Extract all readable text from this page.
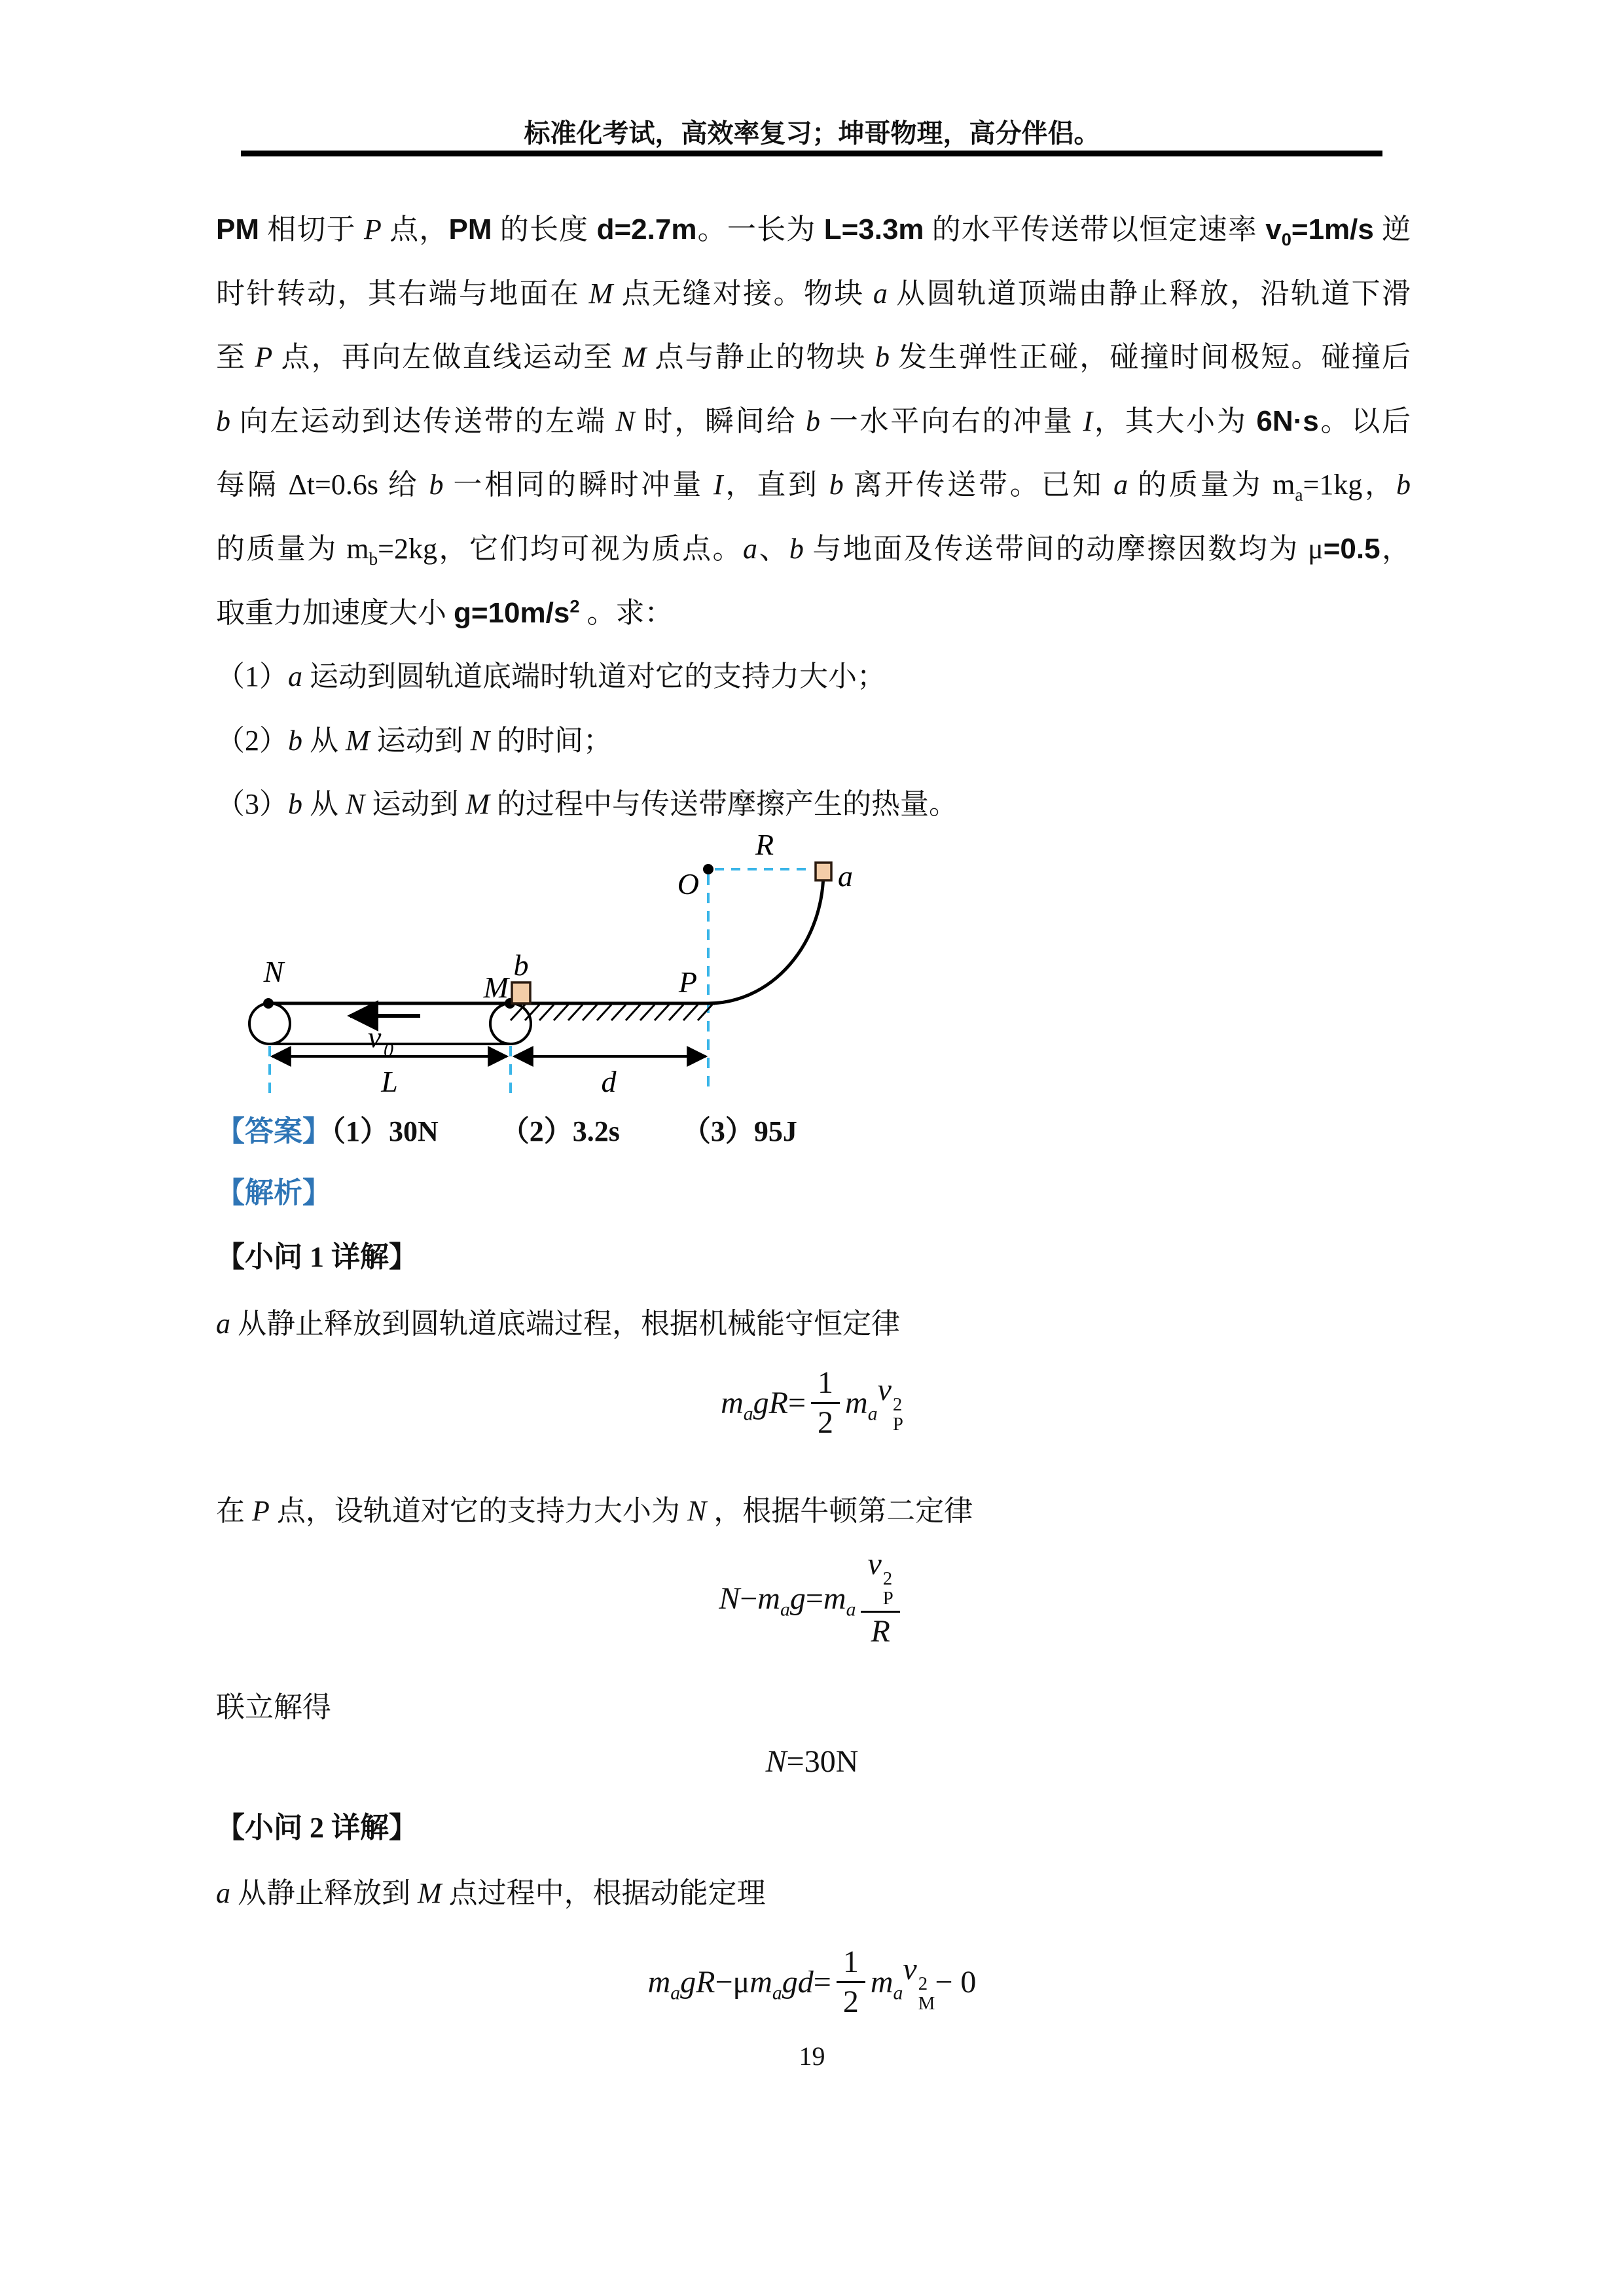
标准化考试，高效率复习；坤哥物理，高分伴侣。
PM 相切于 P 点，PM 的长度 d=2.7m。一长为 L=3.3m 的水平传送带以恒定速率 $v_0=1m/s$ 逆
时针转动，其右端与地面在 M 点无缝对接。物块 a 从圆轨道顶端由静止释放，沿轨道下滑
至 P 点，再向左做直线运动至 M 点与静止的物块 b 发生弹性正碰，碰撞时间极短。碰撞后
b 向左运动到达传送带的左端 N 时，瞬间给 b 一水平向右的冲量 I，其大小为 6N·s。以后
每隔 Δt=0.6s 给 b 一相同的瞬时冲量 I，直到 b 离开传送带。已知 a 的质量为 $m_a=1kg$，b
的质量为 $m_b=2kg$，它们均可视为质点。a、b 与地面及传送带间的动摩擦因数均为 μ=0.5，
取重力加速度大小 $g=10m/s^2$ 。求：
（1）a 运动到圆轨道底端时轨道对它的支持力大小；
（2）b 从 M 运动到 N 的时间；
（3）b 从 N 运动到 M 的过程中与传送带摩擦产生的热量。
v 0
N	M
b
P
O
R
a
L	d
【答案】（1）30N （2）3.2s （3）95J
【解析】
【小问 1 详解】
a 从静止释放到圆轨道底端过程，根据机械能守恒定律
$m_a$ gR = $\frac{1}{2} m_a$
v 2
P
在 P 点，设轨道对它的支持力大小为 N ，根据牛顿第二定律
$N - m_a$ $g = m_a$ v 2
P
R
联立解得
N = 30N
【小问 2 详解】
a 从静止释放到 M 点过程中，根据动能定理
$m_a$ gR − μ $m_a$ gd = $\frac{1}{2} m_a$
v 2
M
− 0
19
